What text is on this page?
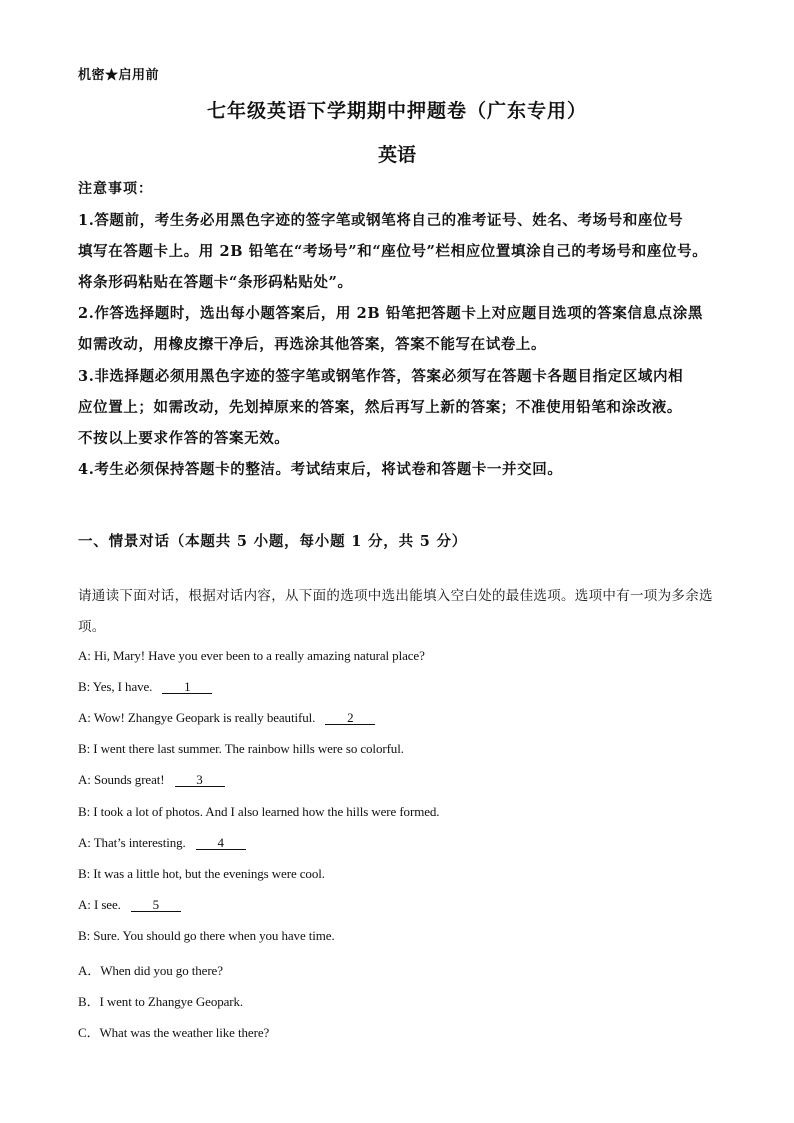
机密★启用前
七年级英语下学期期中押题卷（广东专用）
英语
注意事项：
1.答题前，考生务必用黑色字迹的签字笔或钢笔将自己的准考证号、姓名、考场号和座位号
填写在答题卡上。用 2B 铅笔在“考场号”和“座位号”栏相应位置填涂自己的考场号和座位号。
将条形码粘贴在答题卡“条形码粘贴处”。
2.作答选择题时，选出每小题答案后，用 2B 铅笔把答题卡上对应题目选项的答案信息点涂黑
如需改动，用橡皮擦干净后，再选涂其他答案，答案不能写在试卷上。
3.非选择题必须用黑色字迹的签字笔或钢笔作答，答案必须写在答题卡各题目指定区域内相
应位置上；如需改动，先划掉原来的答案，然后再写上新的答案；不准使用铅笔和涂改液。
不按以上要求作答的答案无效。
4.考生必须保持答题卡的整洁。考试结束后，将试卷和答题卡一并交回。
一、情景对话（本题共 5 小题，每小题 1 分，共 5 分）
请通读下面对话，根据对话内容，从下面的选项中选出能填入空白处的最佳选项。选项中有一项为多余选
项。
A: Hi, Mary! Have you ever been to a really amazing natural place?
B: Yes, I have. 1
A: Wow! Zhangye Geopark is really beautiful. 2
B: I went there last summer. The rainbow hills were so colorful.
A: Sounds great! 3
B: I took a lot of photos. And I also learned how the hills were formed.
A: That’s interesting. 4
B: It was a little hot, but the evenings were cool.
A: I see. 5
B: Sure. You should go there when you have time.
A．When did you go there?
B．I went to Zhangye Geopark.
C．What was the weather like there?
